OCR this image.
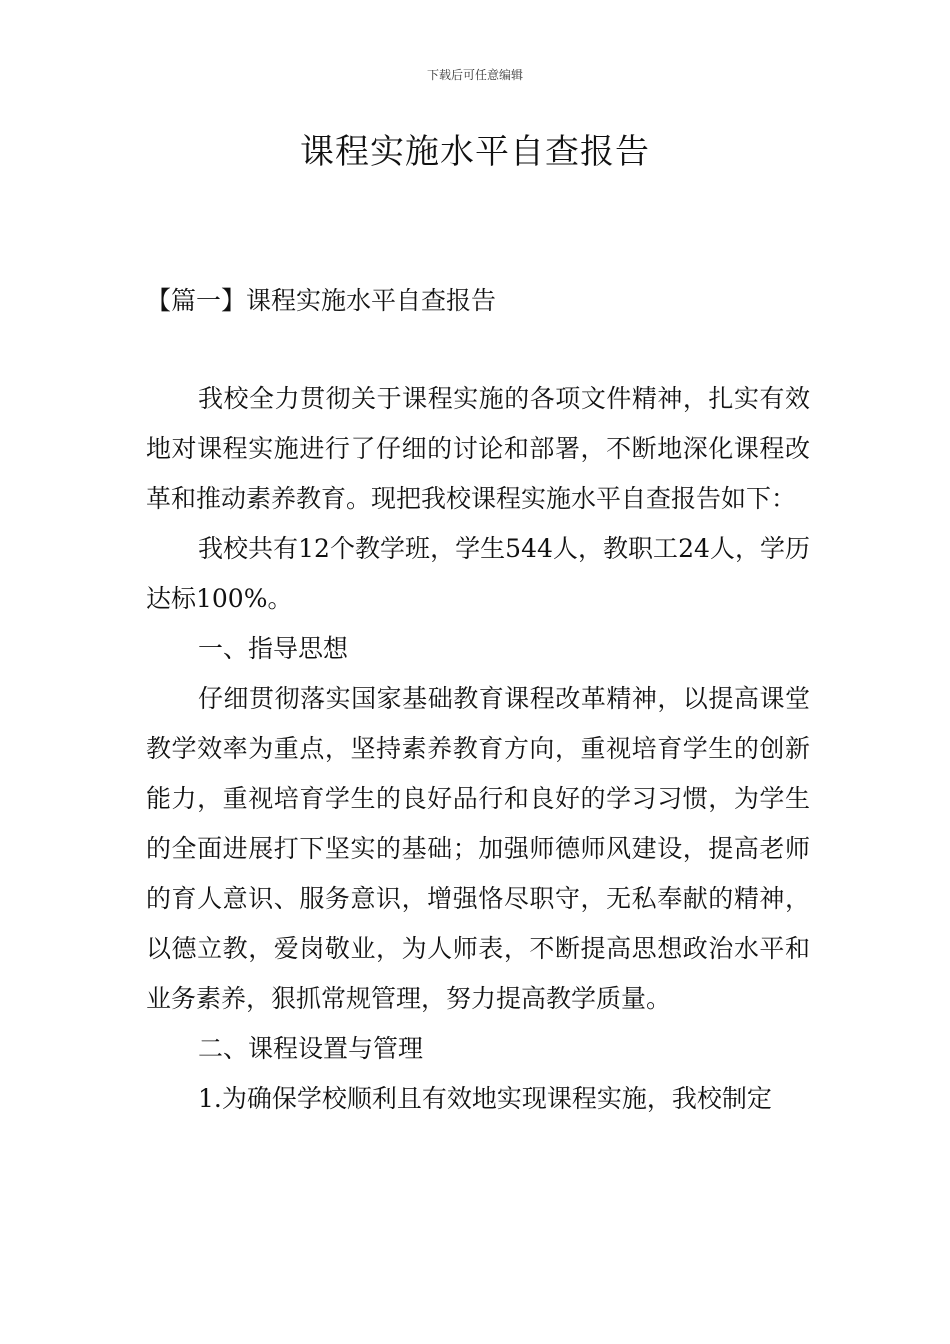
下载后可任意编辑
课程实施水平自查报告
【篇一】课程实施水平自查报告

我校全力贯彻关于课程实施的各项文件精神，扎实有效地对课程实施进行了仔细的讨论和部署，不断地深化课程改革和推动素养教育。现把我校课程实施水平自查报告如下：

我校共有12个教学班，学生544人，教职工24人，学历达标100%。

一、指导思想

仔细贯彻落实国家基础教育课程改革精神，以提高课堂教学效率为重点，坚持素养教育方向，重视培育学生的创新能力，重视培育学生的良好品行和良好的学习习惯，为学生的全面进展打下坚实的基础；加强师德师风建设，提高老师的育人意识、服务意识，增强恪尽职守，无私奉献的精神，以德立教，爱岗敬业，为人师表，不断提高思想政治水平和业务素养，狠抓常规管理，努力提高教学质量。

二、课程设置与管理

1.为确保学校顺利且有效地实现课程实施，我校制定
